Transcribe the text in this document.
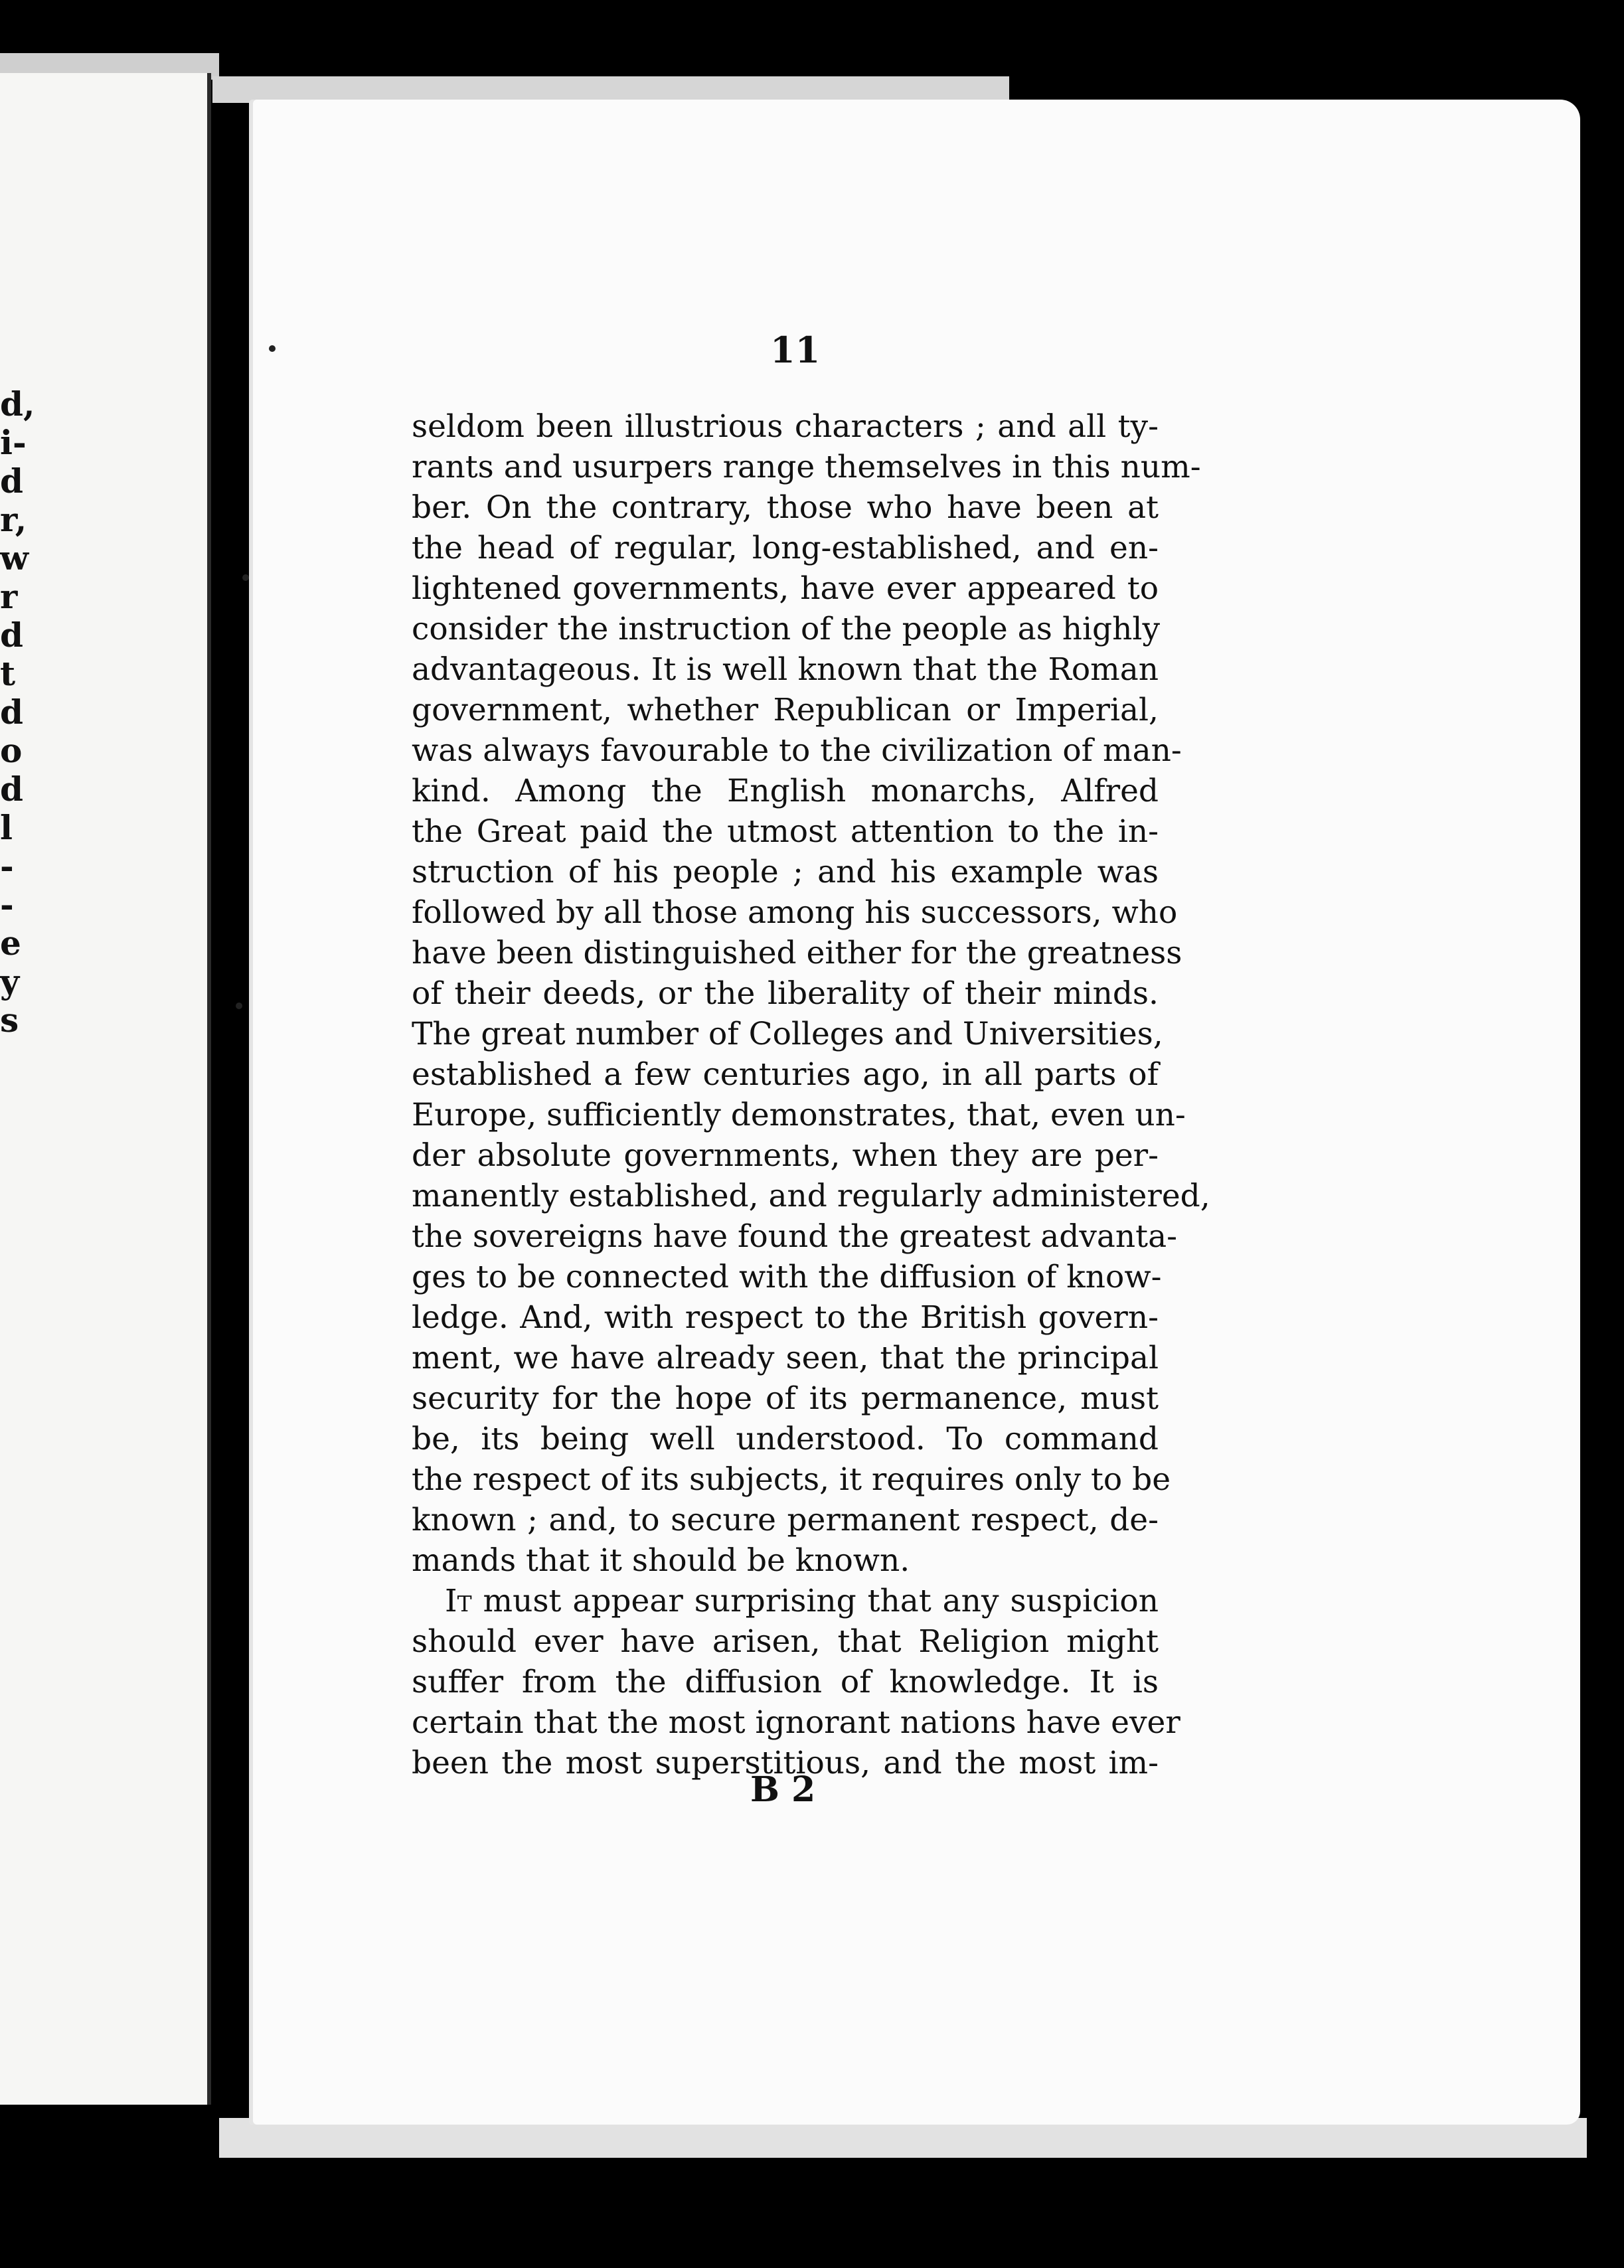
d,
i-
d
r,
w
r
d
t
d
o
d
l
-
-
e
y
s
11
seldom been illustrious characters ; and all ty-
rants and usurpers range themselves in this num-
ber. On the contrary, those who have been at
the head of regular, long-established, and en-
lightened governments, have ever appeared to
consider the instruction of the people as highly
advantageous. It is well known that the Roman
government, whether Republican or Imperial,
was always favourable to the civilization of man-
kind. Among the English monarchs, Alfred
the Great paid the utmost attention to the in-
struction of his people ; and his example was
followed by all those among his successors, who
have been distinguished either for the greatness
of their deeds, or the liberality of their minds.
The great number of Colleges and Universities,
established a few centuries ago, in all parts of
Europe, sufficiently demonstrates, that, even un-
der absolute governments, when they are per-
manently established, and regularly administered,
the sovereigns have found the greatest advanta-
ges to be connected with the diffusion of know-
ledge. And, with respect to the British govern-
ment, we have already seen, that the principal
security for the hope of its permanence, must
be, its being well understood. To command
the respect of its subjects, it requires only to be
known ; and, to secure permanent respect, de-
mands that it should be known.
It must appear surprising that any suspicion
should ever have arisen, that Religion might
suffer from the diffusion of knowledge. It is
certain that the most ignorant nations have ever
been the most superstitious, and the most im-
B 2
